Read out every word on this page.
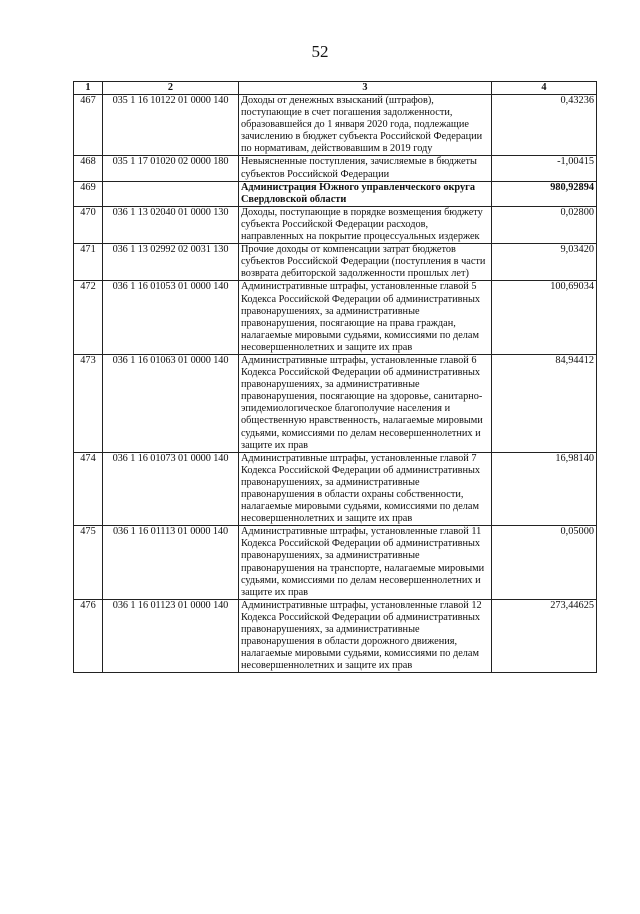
52
1	2	3	4
467	035 1 16 10122 01 0000 140	Доходы от денежных взысканий (штрафов), поступающие в счет погашения задолженности, образовавшейся до 1 января 2020 года, подлежащие зачислению в бюджет субъекта Российской Федерации по нормативам, действовавшим в 2019 году	0,43236
468	035 1 17 01020 02 0000 180	Невыясненные поступления, зачисляемые в бюджеты субъектов Российской Федерации	-1,00415
469		Администрация Южного управленческого округа Свердловской области	980,92894
470	036 1 13 02040 01 0000 130	Доходы, поступающие в порядке возмещения бюджету субъекта Российской Федерации расходов, направленных на покрытие процессуальных издержек	0,02800
471	036 1 13 02992 02 0031 130	Прочие доходы от компенсации затрат бюджетов субъектов Российской Федерации (поступления в части возврата дебиторской задолженности прошлых лет)	9,03420
472	036 1 16 01053 01 0000 140	Административные штрафы, установленные главой 5 Кодекса Российской Федерации об административных правонарушениях, за административные правонарушения, посягающие на права граждан, налагаемые мировыми судьями, комиссиями по делам несовершеннолетних и защите их прав	100,69034
473	036 1 16 01063 01 0000 140	Административные штрафы, установленные главой 6 Кодекса Российской Федерации об административных правонарушениях, за административные правонарушения, посягающие на здоровье, санитарно-эпидемиологическое благополучие населения и общественную нравственность, налагаемые мировыми судьями, комиссиями по делам несовершеннолетних и защите их прав	84,94412
474	036 1 16 01073 01 0000 140	Административные штрафы, установленные главой 7 Кодекса Российской Федерации об административных правонарушениях, за административные правонарушения в области охраны собственности, налагаемые мировыми судьями, комиссиями по делам несовершеннолетних и защите их прав	16,98140
475	036 1 16 01113 01 0000 140	Административные штрафы, установленные главой 11 Кодекса Российской Федерации об административных правонарушениях, за административные правонарушения на транспорте, налагаемые мировыми судьями, комиссиями по делам несовершеннолетних и защите их прав	0,05000
476	036 1 16 01123 01 0000 140	Административные штрафы, установленные главой 12 Кодекса Российской Федерации об административных правонарушениях, за административные правонарушения в области дорожного движения, налагаемые мировыми судьями, комиссиями по делам несовершеннолетних и защите их прав	273,44625
